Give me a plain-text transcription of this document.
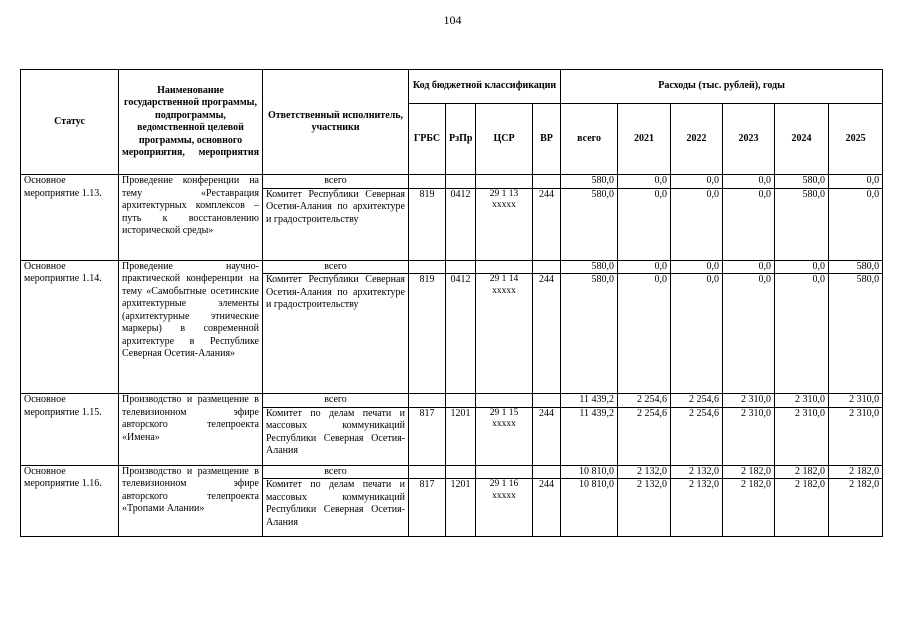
104
Статус	Наименование государственной программы, подпрограммы, ведомственной целевой программы, основного мероприятия, мероприятия	Ответственный исполнитель, участники	Код бюджетной классификации				Расходы (тыс. рублей), годы					
			ГРБС	РзПр	ЦСР	ВР	всего	2021	2022	2023	2024	2025
Основное мероприятие 1.13.	Проведение конференции на тему «Реставрация архитектурных комплексов – путь к восстановлению исторической среды»	всего					580,0	0,0	0,0	0,0	580,0	0,0
		Комитет Республики Северная Осетия-Алания по архитектуре и градостроительству	819	0412	29 1 13 xxxxx	244	580,0	0,0	0,0	0,0	580,0	0,0
Основное мероприятие 1.14.	Проведение научно-практической конференции на тему «Самобытные осетинские архитектурные элементы (архитектурные этнические маркеры) в современной архитектуре в Республике Северная Осетия-Алания»	всего					580,0	0,0	0,0	0,0	0,0	580,0
		Комитет Республики Северная Осетия-Алания по архитектуре и градостроительству	819	0412	29 1 14 xxxxx	244	580,0	0,0	0,0	0,0	0,0	580,0
Основное мероприятие 1.15.	Производство и размещение в телевизионном эфире авторского телепроекта «Имена»	всего					11 439,2	2 254,6	2 254,6	2 310,0	2 310,0	2 310,0
		Комитет по делам печати и массовых коммуникаций Республики Северная Осетия-Алания	817	1201	29 1 15 xxxxx	244	11 439,2	2 254,6	2 254,6	2 310,0	2 310,0	2 310,0
Основное мероприятие 1.16.	Производство и размещение в телевизионном эфире авторского телепроекта «Тропами Алании»	всего					10 810,0	2 132,0	2 132,0	2 182,0	2 182,0	2 182,0
		Комитет по делам печати и массовых коммуникаций Республики Северная Осетия-Алания	817	1201	29 1 16 xxxxx	244	10 810,0	2 132,0	2 132,0	2 182,0	2 182,0	2 182,0
